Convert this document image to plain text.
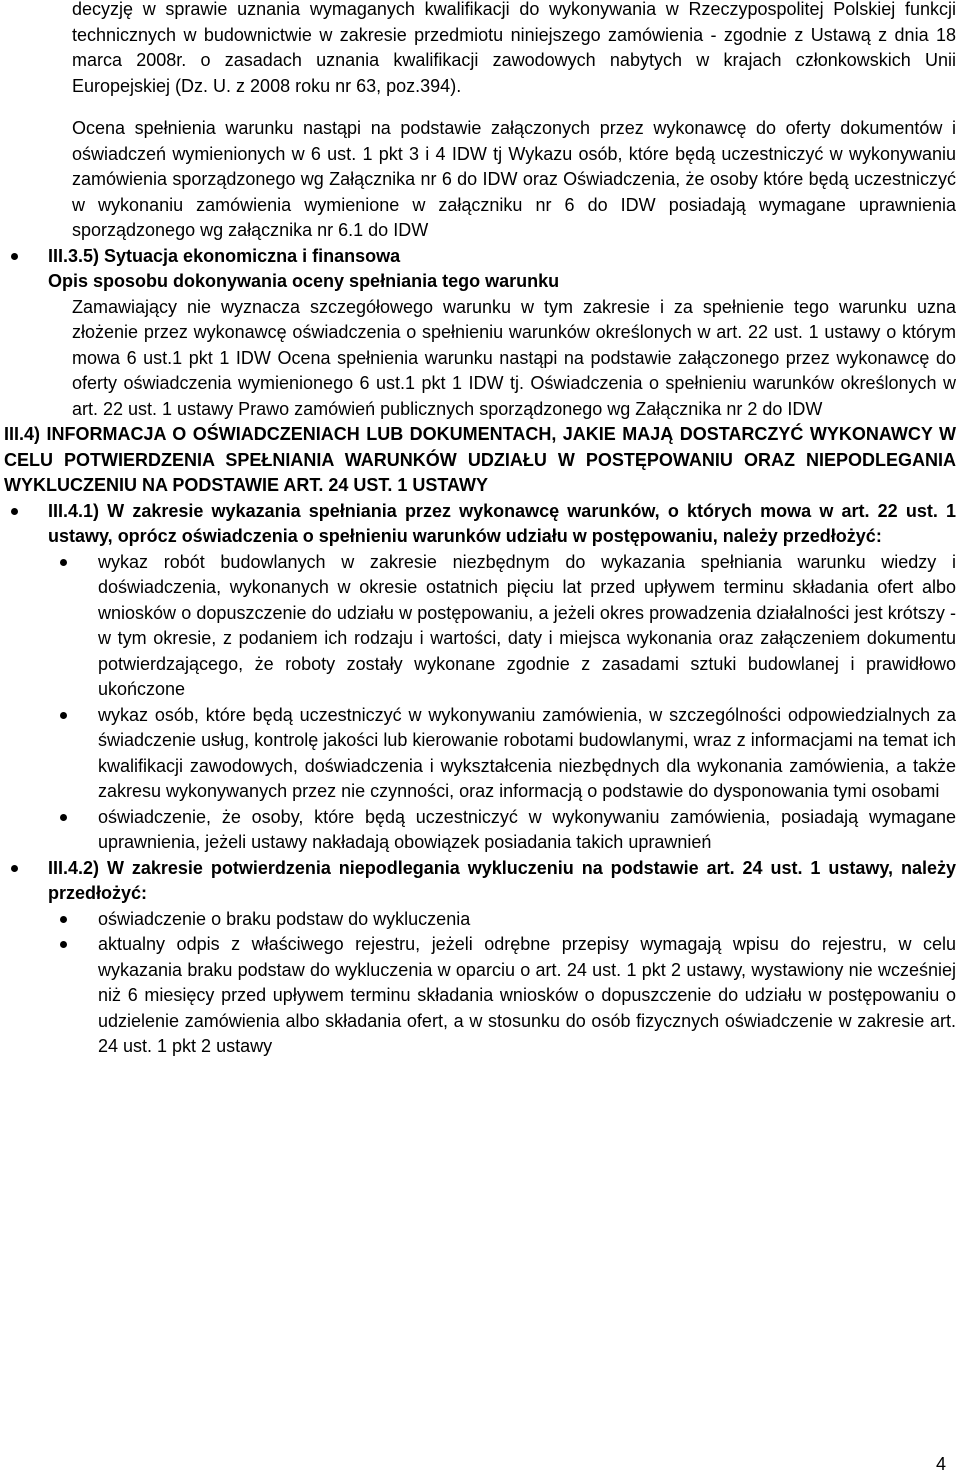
decyzję w sprawie uznania wymaganych kwalifikacji do wykonywania w Rzeczypospolitej Polskiej funkcji technicznych w budownictwie w zakresie przedmiotu niniejszego zamówienia - zgodnie z Ustawą z dnia 18 marca 2008r. o zasadach uznania kwalifikacji zawodowych nabytych w krajach członkowskich Unii Europejskiej (Dz. U. z 2008 roku nr 63, poz.394).

Ocena spełnienia warunku nastąpi na podstawie załączonych przez wykonawcę do oferty dokumentów i oświadczeń wymienionych w 6 ust. 1 pkt 3 i 4 IDW tj Wykazu osób, które będą uczestniczyć w wykonywaniu zamówienia sporządzonego wg Załącznika nr 6 do IDW oraz Oświadczenia, że osoby które będą uczestniczyć w wykonaniu zamówienia wymienione w załączniku nr 6 do IDW posiadają wymagane uprawnienia sporządzonego wg załącznika nr 6.1 do IDW

III.3.5) Sytuacja ekonomiczna i finansowa

Opis sposobu dokonywania oceny spełniania tego warunku

Zamawiający nie wyznacza szczegółowego warunku w tym zakresie i za spełnienie tego warunku uzna złożenie przez wykonawcę oświadczenia o spełnieniu warunków określonych w art. 22 ust. 1 ustawy o którym mowa 6 ust.1 pkt 1 IDW Ocena spełnienia warunku nastąpi na podstawie załączonego przez wykonawcę do oferty oświadczenia wymienionego 6 ust.1 pkt 1 IDW tj. Oświadczenia o spełnieniu warunków określonych w art. 22 ust. 1 ustawy Prawo zamówień publicznych sporządzonego wg Załącznika nr 2 do IDW

III.4) INFORMACJA O OŚWIADCZENIACH LUB DOKUMENTACH, JAKIE MAJĄ DOSTARCZYĆ WYKONAWCY W CELU POTWIERDZENIA SPEŁNIANIA WARUNKÓW UDZIAŁU W POSTĘPOWANIU ORAZ NIEPODLEGANIA WYKLUCZENIU NA PODSTAWIE ART. 24 UST. 1 USTAWY

III.4.1) W zakresie wykazania spełniania przez wykonawcę warunków, o których mowa w art. 22 ust. 1 ustawy, oprócz oświadczenia o spełnieniu warunków udziału w postępowaniu, należy przedłożyć:

wykaz robót budowlanych w zakresie niezbędnym do wykazania spełniania warunku wiedzy i doświadczenia, wykonanych w okresie ostatnich pięciu lat przed upływem terminu składania ofert albo wniosków o dopuszczenie do udziału w postępowaniu, a jeżeli okres prowadzenia działalności jest krótszy - w tym okresie, z podaniem ich rodzaju i wartości, daty i miejsca wykonania oraz załączeniem dokumentu potwierdzającego, że roboty zostały wykonane zgodnie z zasadami sztuki budowlanej i prawidłowo ukończone
wykaz osób, które będą uczestniczyć w wykonywaniu zamówienia, w szczególności odpowiedzialnych za świadczenie usług, kontrolę jakości lub kierowanie robotami budowlanymi, wraz z informacjami na temat ich kwalifikacji zawodowych, doświadczenia i wykształcenia niezbędnych dla wykonania zamówienia, a także zakresu wykonywanych przez nie czynności, oraz informacją o podstawie do dysponowania tymi osobami
oświadczenie, że osoby, które będą uczestniczyć w wykonywaniu zamówienia, posiadają wymagane uprawnienia, jeżeli ustawy nakładają obowiązek posiadania takich uprawnień

III.4.2) W zakresie potwierdzenia niepodlegania wykluczeniu na podstawie art. 24 ust. 1 ustawy, należy przedłożyć:

oświadczenie o braku podstaw do wykluczenia
aktualny odpis z właściwego rejestru, jeżeli odrębne przepisy wymagają wpisu do rejestru, w celu wykazania braku podstaw do wykluczenia w oparciu o art. 24 ust. 1 pkt 2 ustawy, wystawiony nie wcześniej niż 6 miesięcy przed upływem terminu składania wniosków o dopuszczenie do udziału w postępowaniu o udzielenie zamówienia albo składania ofert, a w stosunku do osób fizycznych oświadczenie w zakresie art. 24 ust. 1 pkt 2 ustawy
4
